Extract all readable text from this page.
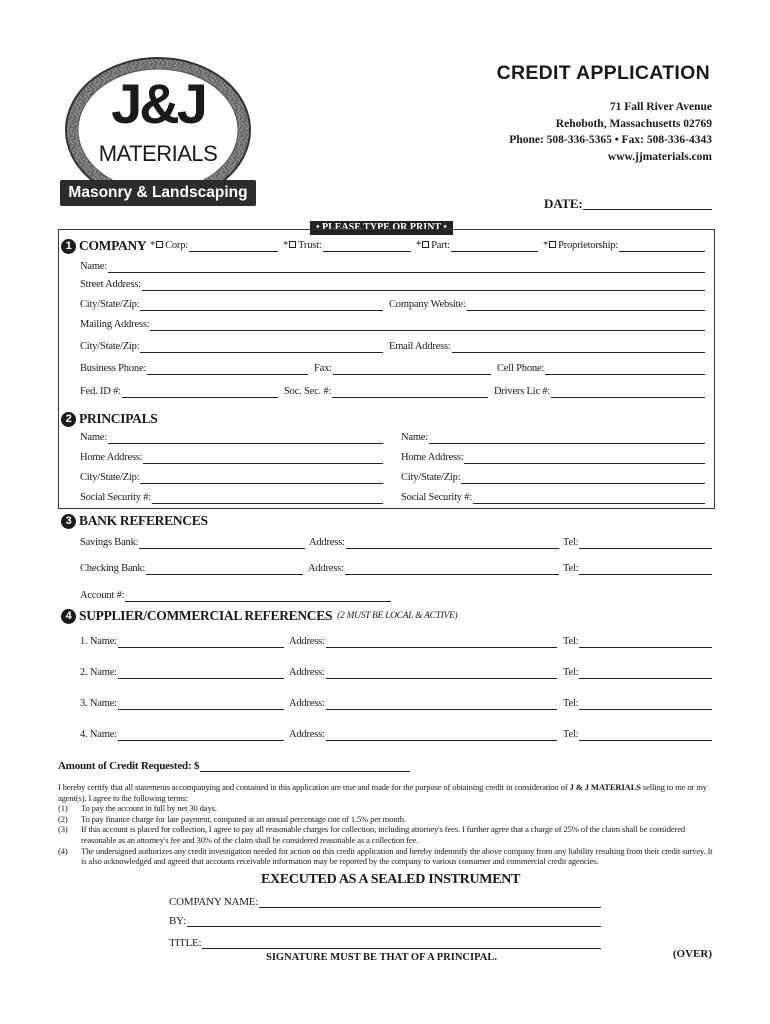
J&J
MATERIALS
Masonry & Landscaping
CREDIT APPLICATION
71 Fall River Avenue
Rehoboth, Massachusetts 02769
Phone: 508-336-5365 • Fax: 508-336-4343
www.jjmaterials.com
DATE:
• PLEASE TYPE OR PRINT •
1 COMPANY * Corp:	* Trust:	* Part:	* Proprietorship:
Name:
Street Address:
City/State/Zip:	Company Website:
Mailing Address:
City/State/Zip:	Email Address:
Business Phone:	Fax:	Cell Phone:
Fed. ID #:	Soc. Sec. #:	Drivers Lic #:
2 PRINCIPALS
Name:	Name:
Home Address:	Home Address:
City/State/Zip:	City/State/Zip:
Social Security #:	Social Security #:
3 BANK REFERENCES
Savings Bank:	Address:	Tel:
Checking Bank:	Address:	Tel:
Account #:
4 SUPPLIER/COMMERCIAL REFERENCES (2 MUST BE LOCAL & ACTIVE)
1. Name:	Address:	Tel:
2. Name:	Address:	Tel:
3. Name:	Address:	Tel:
4. Name:	Address:	Tel:
Amount of Credit Requested: $
I hereby certify that all statements accompanying and contained in this application are true and made for the purpose of obtaining credit in consideration of J & J MATERIALS selling to me or my agent(s). I agree to the following terms:
(1)	To pay the account in full by net 30 days.
(2)	To pay finance charge for late payment, computed at an annual percentage rate of 1.5% per month.
(3)	If this account is placed for collection, I agree to pay all reasonable charges for collection, including attorney's fees. I further agree that a charge of 25% of the claim shall be considered reasonable as an attorney's fee and 30% of the claim shall be considered reasonable as a collection fee.
(4)	The undersigned authorizes any credit investigation needed for action on this credit application and hereby indemnify the above company from any liability resulting from their credit survey. It is also acknowledged and agreed that accounts receivable information may be reported by the company to various consumer and commercial credit agencies.
EXECUTED AS A SEALED INSTRUMENT
COMPANY NAME:
BY:
TITLE:
SIGNATURE MUST BE THAT OF A PRINCIPAL.	(OVER)
